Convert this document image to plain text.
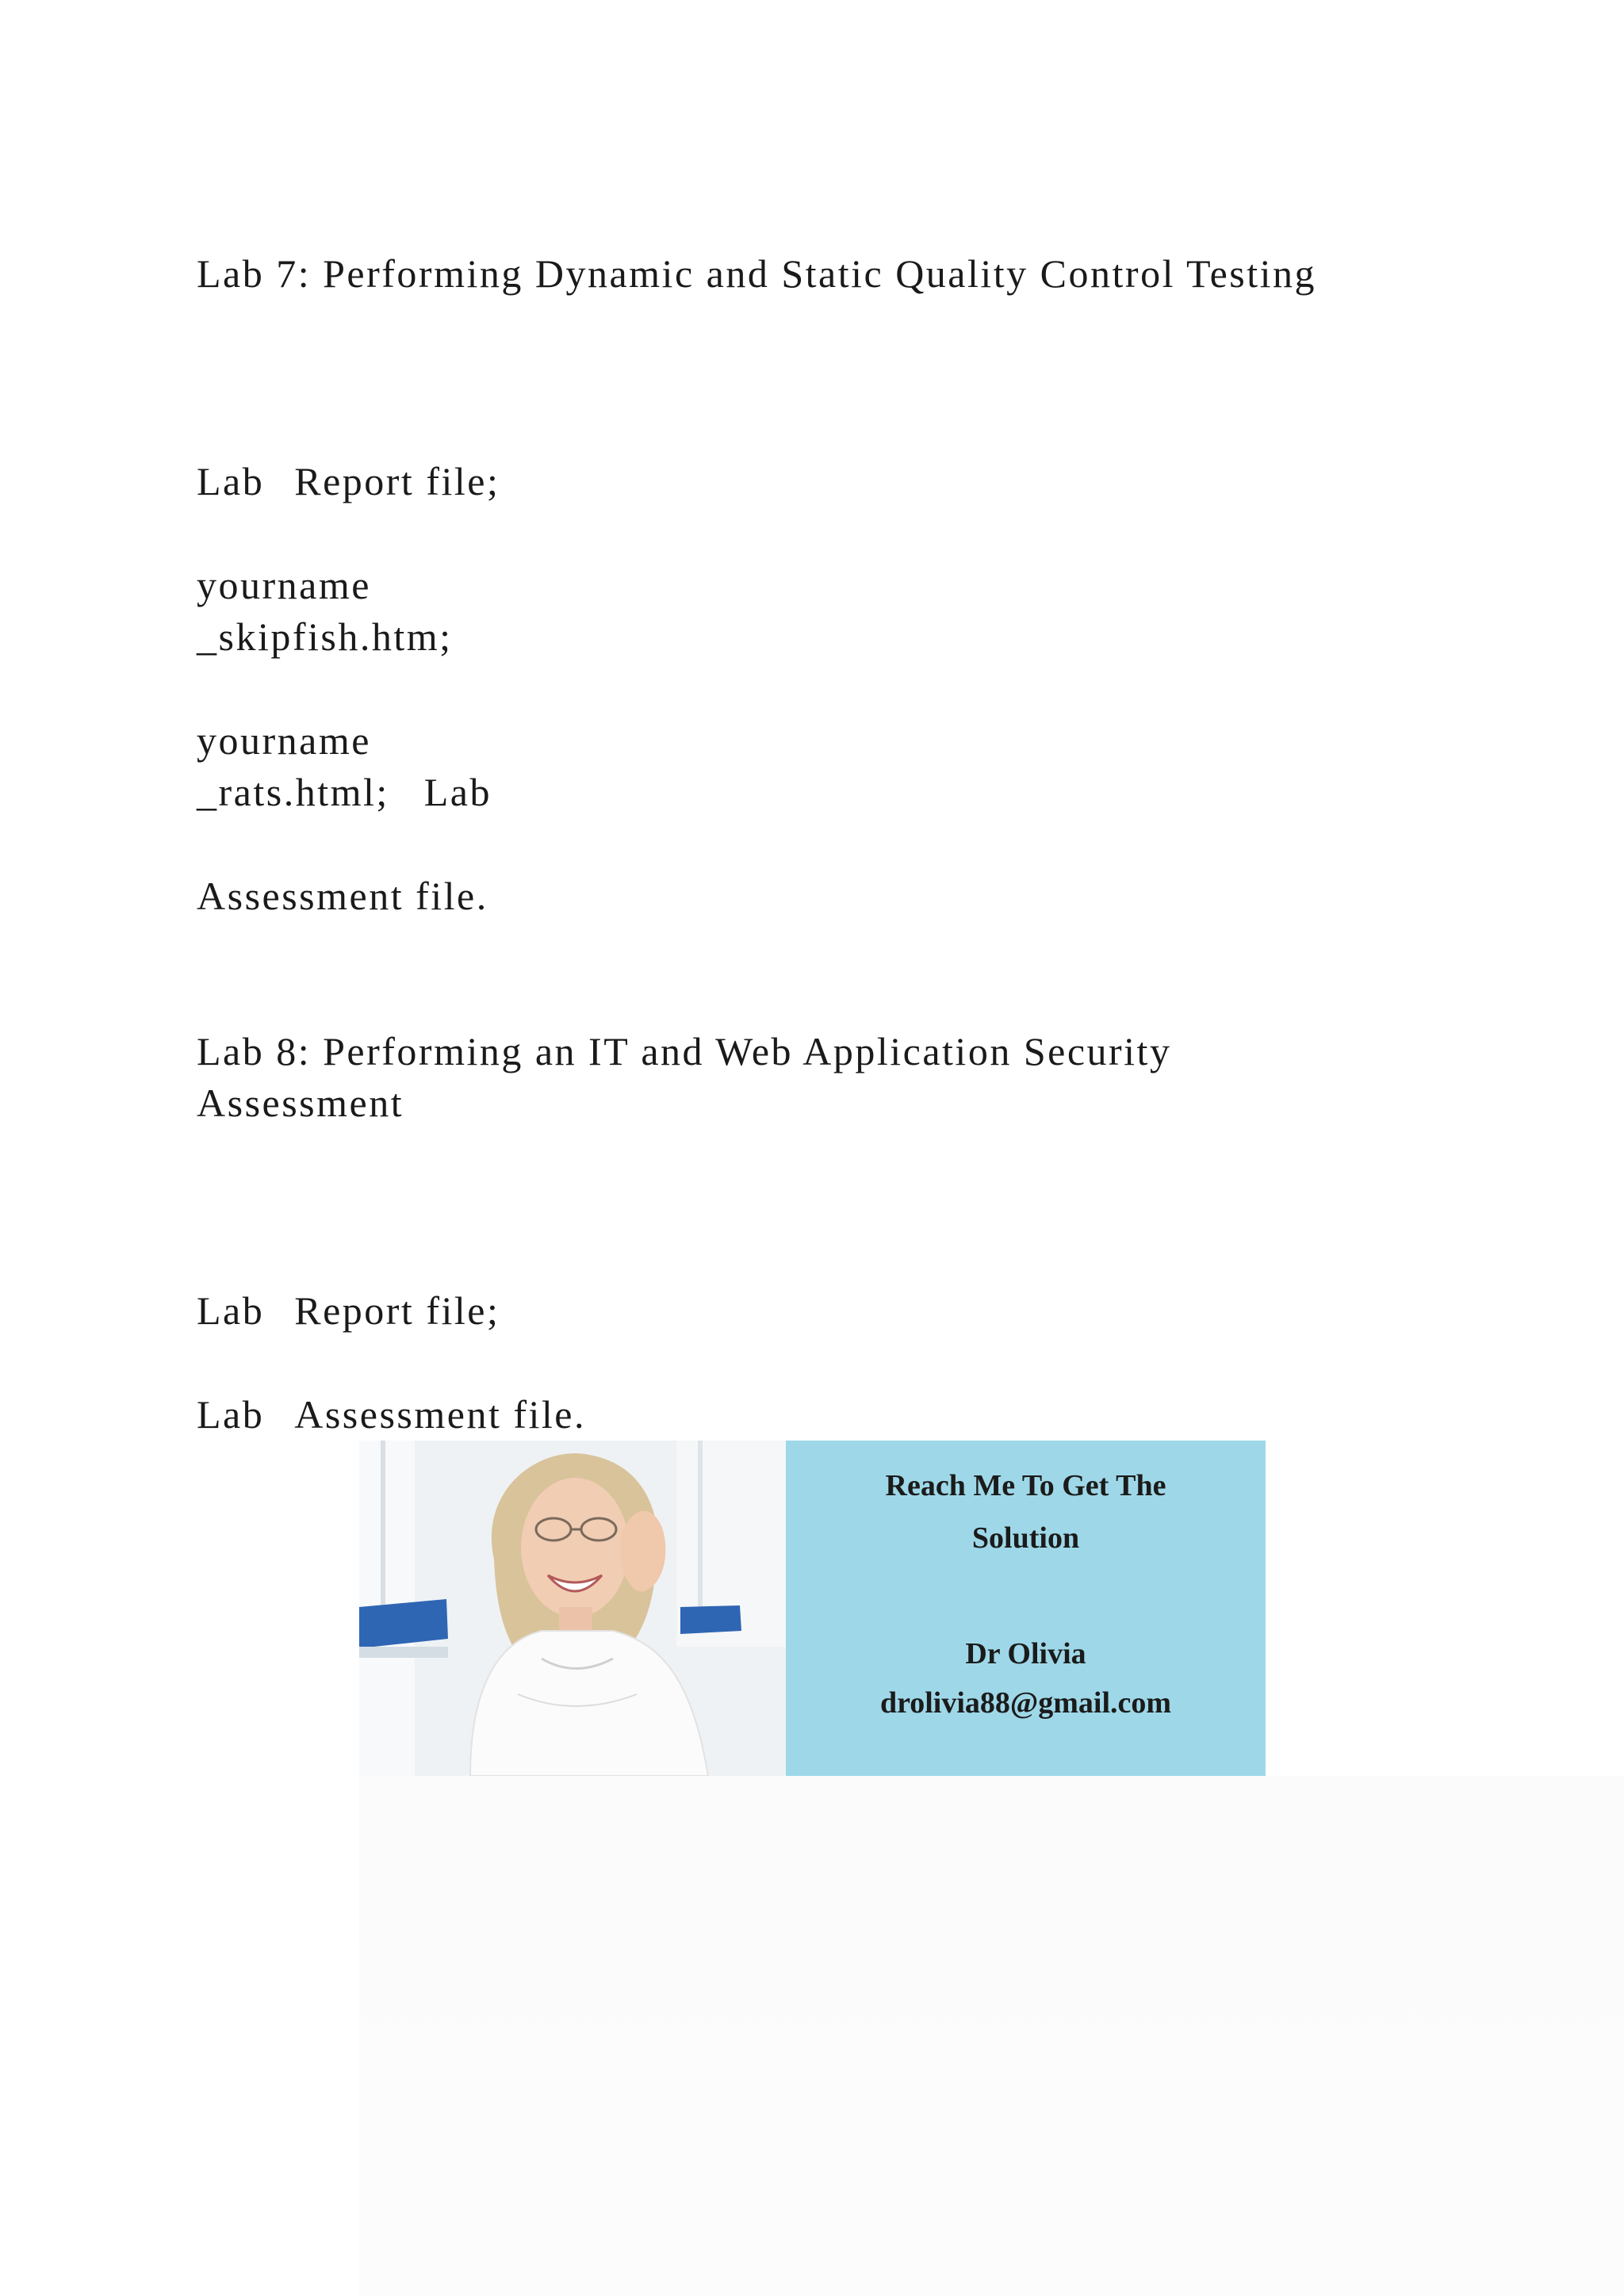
Lab 7: Performing Dynamic and Static Quality Control Testing
Lab Report file;
yourname
_skipfish.htm;
yourname
_rats.html; Lab
Assessment file.
Lab 8: Performing an IT and Web Application Security
Assessment
Lab Report file;
Lab Assessment file.
Reach Me To Get The
Solution
Dr Olivia
drolivia88@gmail.com
